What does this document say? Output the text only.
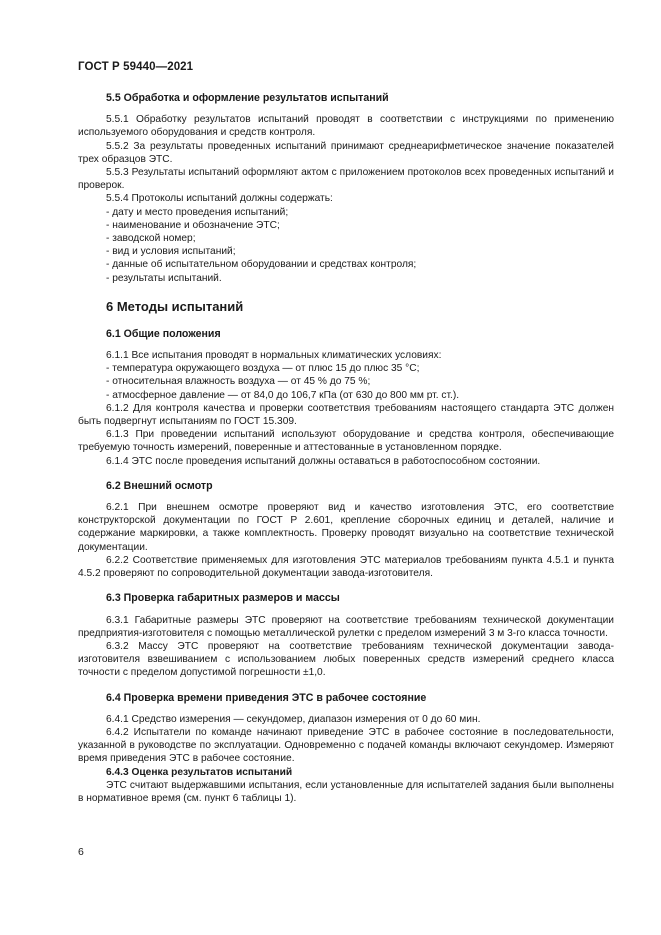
ГОСТ Р 59440—2021

5.5 Обработка и оформление результатов испытаний

5.5.1 Обработку результатов испытаний проводят в соответствии с инструкциями по применению используемого оборудования и средств контроля.

5.5.2 За результаты проведенных испытаний принимают среднеарифметическое значение показателей трех образцов ЭТС.

5.5.3 Результаты испытаний оформляют актом с приложением протоколов всех проведенных испытаний и проверок.

5.5.4 Протоколы испытаний должны содержать:

- дату и место проведения испытаний;

- наименование и обозначение ЭТС;

- заводской номер;

- вид и условия испытаний;

- данные об испытательном оборудовании и средствах контроля;

- результаты испытаний.

6 Методы испытаний

6.1 Общие положения

6.1.1 Все испытания проводят в нормальных климатических условиях:

- температура окружающего воздуха — от плюс 15 до плюс 35 °С;

- относительная влажность воздуха — от 45 % до 75 %;

- атмосферное давление — от 84,0 до 106,7 кПа (от 630 до 800 мм рт. ст.).

6.1.2 Для контроля качества и проверки соответствия требованиям настоящего стандарта ЭТС должен быть подвергнут испытаниям по ГОСТ 15.309.

6.1.3 При проведении испытаний используют оборудование и средства контроля, обеспечивающие требуемую точность измерений, поверенные и аттестованные в установленном порядке.

6.1.4 ЭТС после проведения испытаний должны оставаться в работоспособном состоянии.

6.2 Внешний осмотр

6.2.1 При внешнем осмотре проверяют вид и качество изготовления ЭТС, его соответствие конструкторской документации по ГОСТ Р 2.601, крепление сборочных единиц и деталей, наличие и содержание маркировки, а также комплектность. Проверку проводят визуально на соответствие технической документации.

6.2.2 Соответствие применяемых для изготовления ЭТС материалов требованиям пункта 4.5.1 и пункта 4.5.2 проверяют по сопроводительной документации завода-изготовителя.

6.3 Проверка габаритных размеров и массы

6.3.1 Габаритные размеры ЭТС проверяют на соответствие требованиям технической документации предприятия-изготовителя с помощью металлической рулетки с пределом измерений 3 м 3-го класса точности.

6.3.2 Массу ЭТС проверяют на соответствие требованиям технической документации завода-изготовителя взвешиванием с использованием любых поверенных средств измерений среднего класса точности с пределом допустимой погрешности ±1,0.

6.4 Проверка времени приведения ЭТС в рабочее состояние

6.4.1 Средство измерения — секундомер, диапазон измерения от 0 до 60 мин.

6.4.2 Испытатели по команде начинают приведение ЭТС в рабочее состояние в последовательности, указанной в руководстве по эксплуатации. Одновременно с подачей команды включают секундомер. Измеряют время приведения ЭТС в рабочее состояние.

6.4.3 Оценка результатов испытаний

ЭТС считают выдержавшими испытания, если установленные для испытателей задания были выполнены в нормативное время (см. пункт 6 таблицы 1).

6
